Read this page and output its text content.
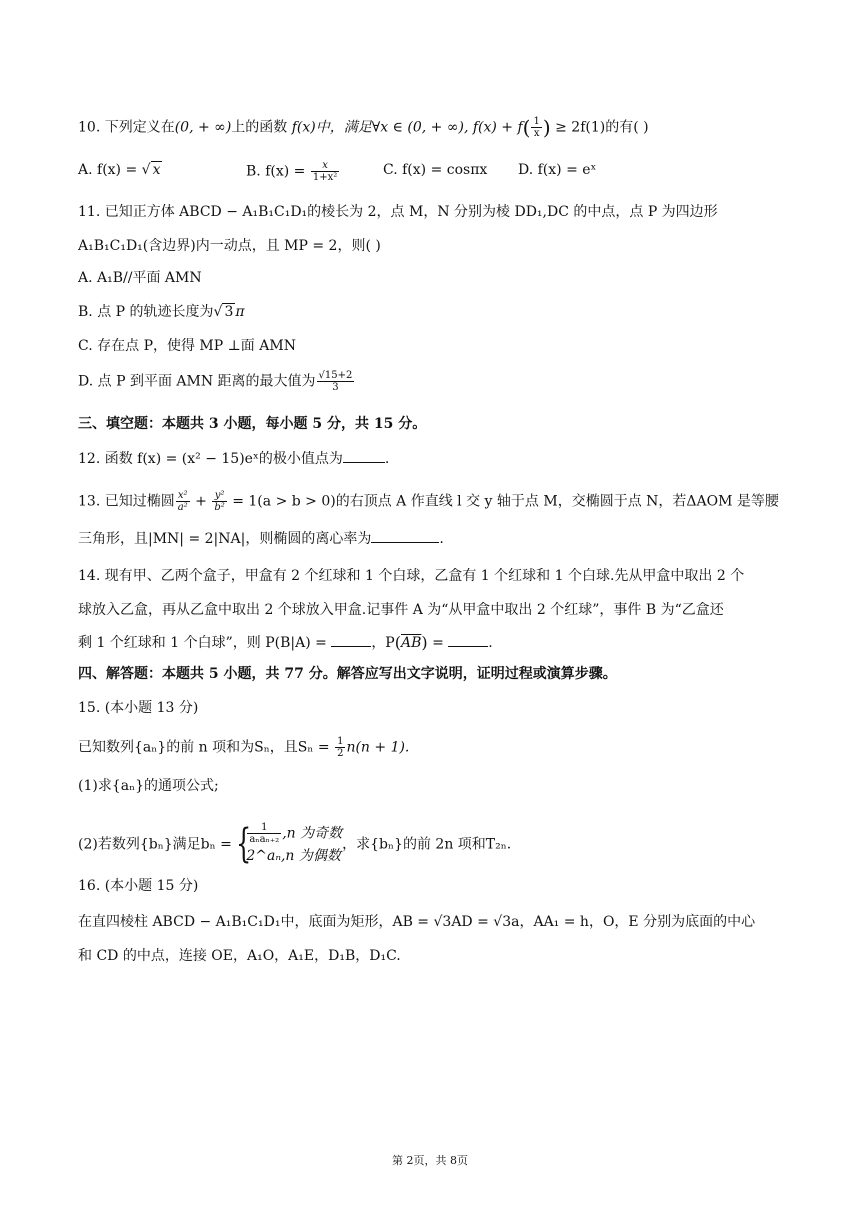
10. 下列定义在(0, + ∞)上的函数 f(x)中，满足∀x ∈ (0, + ∞), $f(x) + f( \frac{1}{x}$ ) ≥ 2f(1)的有( )
A. f(x) = √ x	B. $f(x) = \frac{x}{\text{1+x²}}$	C. f(x) = cosπx D. f(x) = eˣ
11. 已知正方体 ABCD − A₁B₁C₁D₁的棱长为 2，点 M，N 分别为棱 DD₁,DC 的中点，点 P 为四边形
A₁B₁C₁D₁(含边界)内一动点，且 MP = 2，则( )
A. A₁B//平面 AMN
B. 点 P 的轨迹长度为√ 3 π
C. 存在点 P，使得 MP ⊥面 AMN
D. 点 P 到平面 AMN 距离的最大值为 $\frac{√15+2}{3}$
三、填空题：本题共 3 小题，每小题 5 分，共 15 分。
12. 函数 f(x) = (x² − 15)eˣ的极小值点为	.
13. 已知过椭圆 $\frac{\text{x²}}{\text{a²}} + \frac{\text{y²}}{\text{b²}} = 1(a > b > 0)$的右顶点 A 作直线 l 交 y 轴于点 M，交椭圆于点 N，若ΔAOM 是等腰
三角形，且|MN| = 2|NA|，则椭圆的离心率为	.
14. 现有甲、乙两个盒子，甲盒有 2 个红球和 1 个白球，乙盒有 1 个红球和 1 个白球.先从甲盒中取出 2 个
球放入乙盒，再从乙盒中取出 2 个球放入甲盒.记事件 A 为“从甲盒中取出 2 个红球”，事件 B 为“乙盒还
剩 1 个红球和 1 个白球”，则 P(B|A) =	，$P(\overline{AB})$ =	.
四、解答题：本题共 5 小题，共 77 分。解答应写出文字说明，证明过程或演算步骤。
15. (本小题 13 分)
已知数列{aₙ}的前 n 项和为Sₙ，且$S_n = \frac{1}{2} n(n + 1)$.
(1)求{aₙ}的通项公式;
(2)若数列{bₙ}满足bₙ = {
$\frac{1}{\text{aₙaₙ₊₂}} ,n$ 为奇数
2^aₙ,n 为偶数
，求{bₙ}的前 2n 项和T₂ₙ.
16. (本小题 15 分)
在直四棱柱 ABCD − A₁B₁C₁D₁中，底面为矩形，AB = √3AD = √3a，AA₁ = h，O，E 分别为底面的中心
和 CD 的中点，连接 OE，A₁O，A₁E，D₁B，D₁C.
第 2页，共 8页
